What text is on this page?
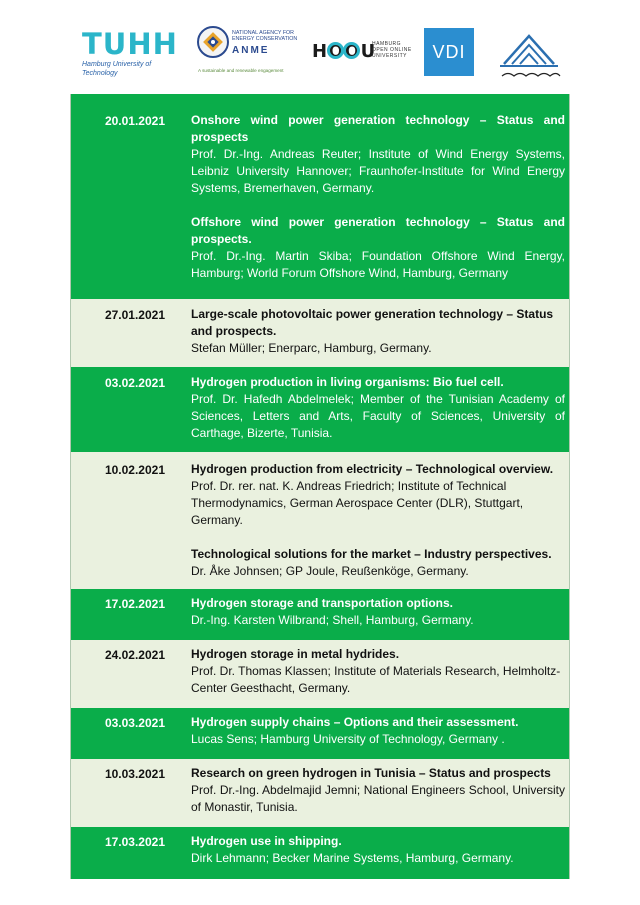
TUHH
Hamburg University of Technology
NATIONAL AGENCY FOR ENERGY CONSERVATION
ANME
A sustainable and renewable engagement
HOOU
HAMBURG OPEN ONLINE UNIVERSITY	VDI
20.01.2021	Onshore wind power generation technology – Status and prospects
Prof. Dr.-Ing. Andreas Reuter; Institute of Wind Energy Systems, Leibniz University Hannover; Fraunhofer-Institute for Wind Energy Systems, Bremerhaven, Germany.
Offshore wind power generation technology – Status and prospects.
Prof. Dr.-Ing. Martin Skiba; Foundation Offshore Wind Energy, Hamburg; World Forum Offshore Wind, Hamburg, Germany
27.01.2021	Large-scale photovoltaic power generation technology – Status and prospects.
Stefan Müller; Enerparc, Hamburg, Germany.
03.02.2021	Hydrogen production in living organisms: Bio fuel cell.
Prof. Dr. Hafedh Abdelmelek; Member of the Tunisian Academy of Sciences, Letters and Arts, Faculty of Sciences, University of Carthage, Bizerte, Tunisia.
10.02.2021	Hydrogen production from electricity – Technological overview.
Prof. Dr. rer. nat. K. Andreas Friedrich; Institute of Technical Thermodynamics, German Aerospace Center (DLR), Stuttgart, Germany.
Technological solutions for the market – Industry perspectives.
Dr. Åke Johnsen; GP Joule, Reußenköge, Germany.
17.02.2021	Hydrogen storage and transportation options.
Dr.-Ing. Karsten Wilbrand; Shell, Hamburg, Germany.
24.02.2021	Hydrogen storage in metal hydrides.
Prof. Dr. Thomas Klassen; Institute of Materials Research, Helmholtz-Center Geesthacht, Germany.
03.03.2021	Hydrogen supply chains – Options and their assessment.
Lucas Sens; Hamburg University of Technology, Germany .
10.03.2021	Research on green hydrogen in Tunisia – Status and prospects
Prof. Dr.-Ing. Abdelmajid Jemni; National Engineers School, University of Monastir, Tunisia.
17.03.2021	Hydrogen use in shipping.
Dirk Lehmann; Becker Marine Systems, Hamburg, Germany.
